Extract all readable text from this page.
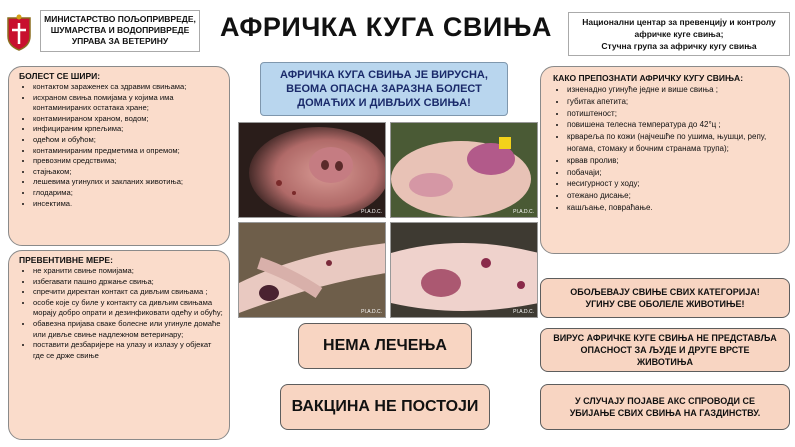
МИНИСТАРСТВО ПОЉОПРИВРЕДЕ,
ШУМАРСТВА И ВОДОПРИВРЕДЕ
УПРАВА ЗА ВЕТЕРИНУ	АФРИЧКА КУГА СВИЊА	Национални центар за превенцију и контролу
афричке куге свиња;
Стучна група за афричку кугу свиња
БОЛЕСТ СЕ ШИРИ:
• контактом зараженех са здравим свињама;
• исхраном свиња помијама у којима има контаминираних остатака хране;
• контаминираном храном, водом;
• инфицираним крпељима;
• одећом и обућом;
• контаминираним предметима и опремом;
• превозним средствима;
• стајњаком;
• лешевима угинулих и закланих животиња;
• глодарима;
• инсектима.
ПРЕВЕНТИВНЕ МЕРЕ:
• не хранити свиње помијама;
• избегавати пашно држање свиња;
• спречити директан контакт са дивљим свињама ;
• особе које су биле у контакту са дивљим свињама морају добро опрати и дезинфиковати одећу и обућу;
• обавезна пријава сваке болесне или угинуле домаће или дивље свиње надлежном ветеринару;
• поставити дезбаријере на улазу и излазу у објекат где се држе свиње
АФРИЧКА КУГА СВИЊА ЈЕ ВИРУСНА,
ВЕОМА ОПАСНА ЗАРАЗНА БОЛЕСТ
ДОМАЋИХ И ДИВЉИХ СВИЊА!
PI.A.D.C.	PI.A.D.C.
PI.A.D.C.	PI.A.D.C.
КАКО ПРЕПОЗНАТИ АФРИЧКУ КУГУ СВИЊА:
• изненадно угинуће једне и више свиња ;
• губитак апетита;
• потиштеност;
• повишена телесна температура до 42°ц ;
• крвареља по кожи (најчешће по ушима, њушци, репу, ногама, стомаку и бочним странама трупа);
• крвав пролив;
• побачаји;
• несигурност у ходу;
• отежано дисање;
• кашљање, повраћање.
НЕМА ЛЕЧЕЊА
ВАКЦИНА НЕ ПОСТОЈИ
ОБОЉЕВАЈУ СВИЊЕ СВИХ КАТЕГОРИЈА!
УГИНУ СВЕ ОБОЛЕЛЕ ЖИВОТИЊЕ!
ВИРУС АФРИЧКЕ КУГЕ СВИЊА НЕ ПРЕДСТАВЉА
ОПАСНОСТ ЗА ЉУДЕ И ДРУГЕ ВРСТЕ
ЖИВОТИЊА
У СЛУЧАЈУ ПОЈАВЕ АКС СПРОВОДИ СЕ
УБИЈАЊЕ СВИХ СВИЊА НА ГАЗДИНСТВУ.
